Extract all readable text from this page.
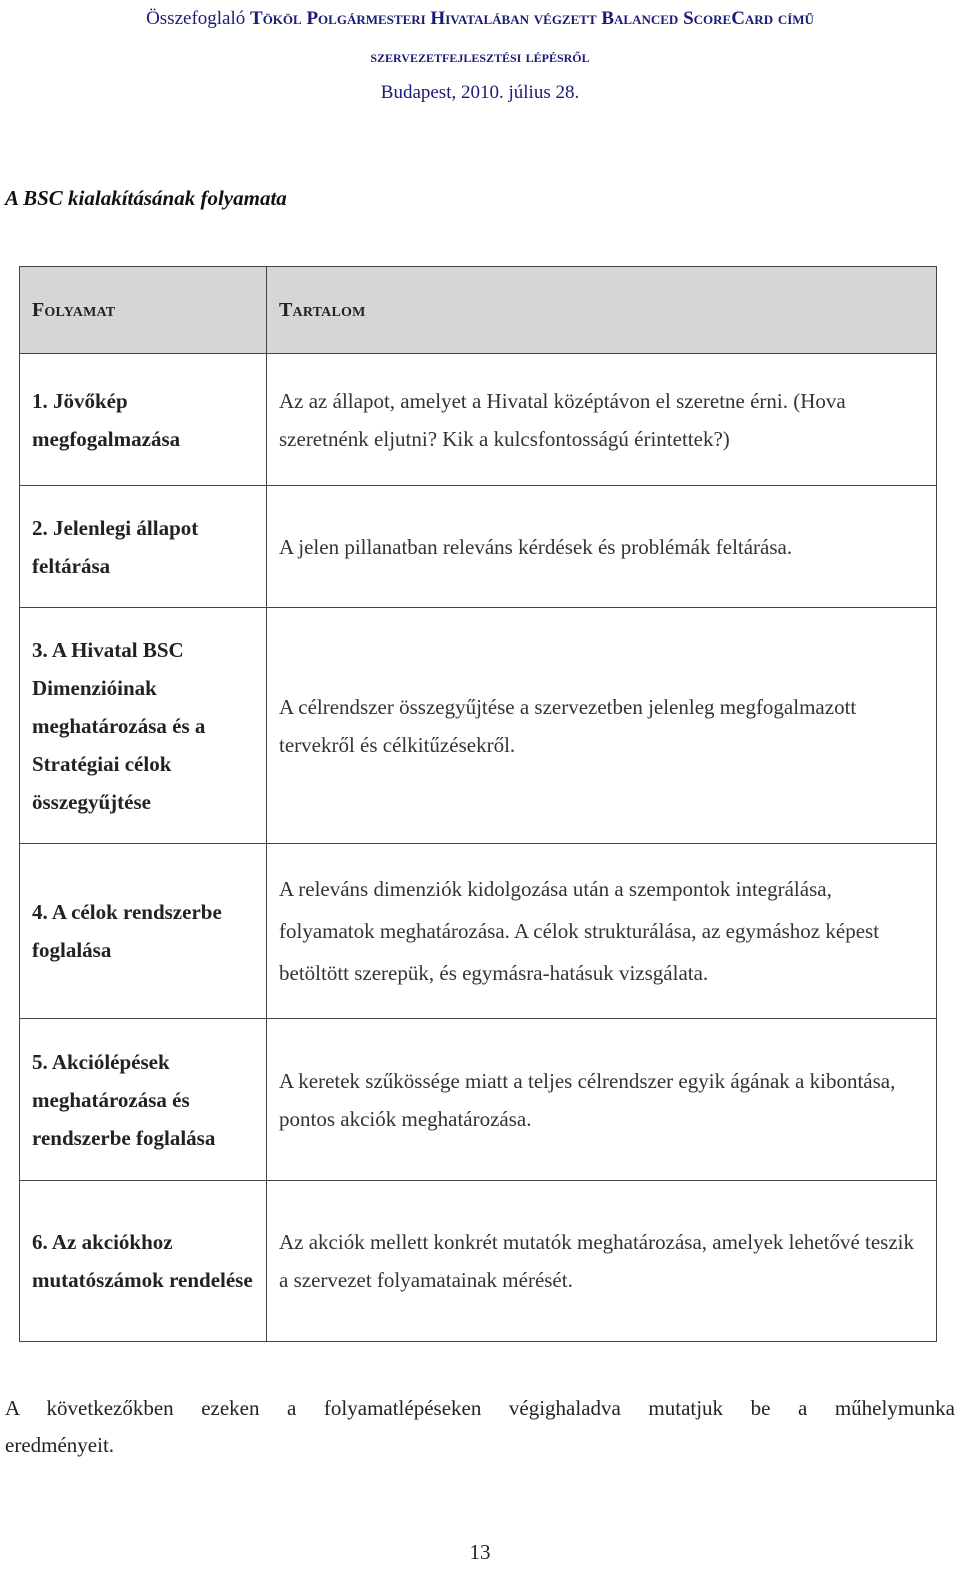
Összefoglaló Tököl Polgármesteri Hivatalában végzett Balanced ScoreCard című
szervezetfejlesztési lépésről
Budapest, 2010. július 28.
A BSC kialakításának folyamata
Folyamat	Tartalom
1. Jövőkép megfogalmazása	Az az állapot, amelyet a Hivatal középtávon el szeretne érni. (Hova szeretnénk eljutni? Kik a kulcsfontosságú érintettek?)
2. Jelenlegi állapot feltárása	A jelen pillanatban releváns kérdések és problémák feltárása.
3. A Hivatal BSC Dimenzióinak meghatározása és a Stratégiai célok összegyűjtése	A célrendszer összegyűjtése a szervezetben jelenleg megfogalmazott tervekről és célkitűzésekről.
4. A célok rendszerbe foglalása	A releváns dimenziók kidolgozása után a szempontok integrálása, folyamatok meghatározása. A célok strukturálása, az egymáshoz képest betöltött szerepük, és egymásra-hatásuk vizsgálata.
5. Akciólépések meghatározása és rendszerbe foglalása	A keretek szűkössége miatt a teljes célrendszer egyik ágának a kibontása, pontos akciók meghatározása.
6. Az akciókhoz mutatószámok rendelése	Az akciók mellett konkrét mutatók meghatározása, amelyek lehetővé teszik a szervezet folyamatainak mérését.
A következőkben ezeken a folyamatlépéseken végighaladva mutatjuk be a műhelymunka
eredményeit.
13
